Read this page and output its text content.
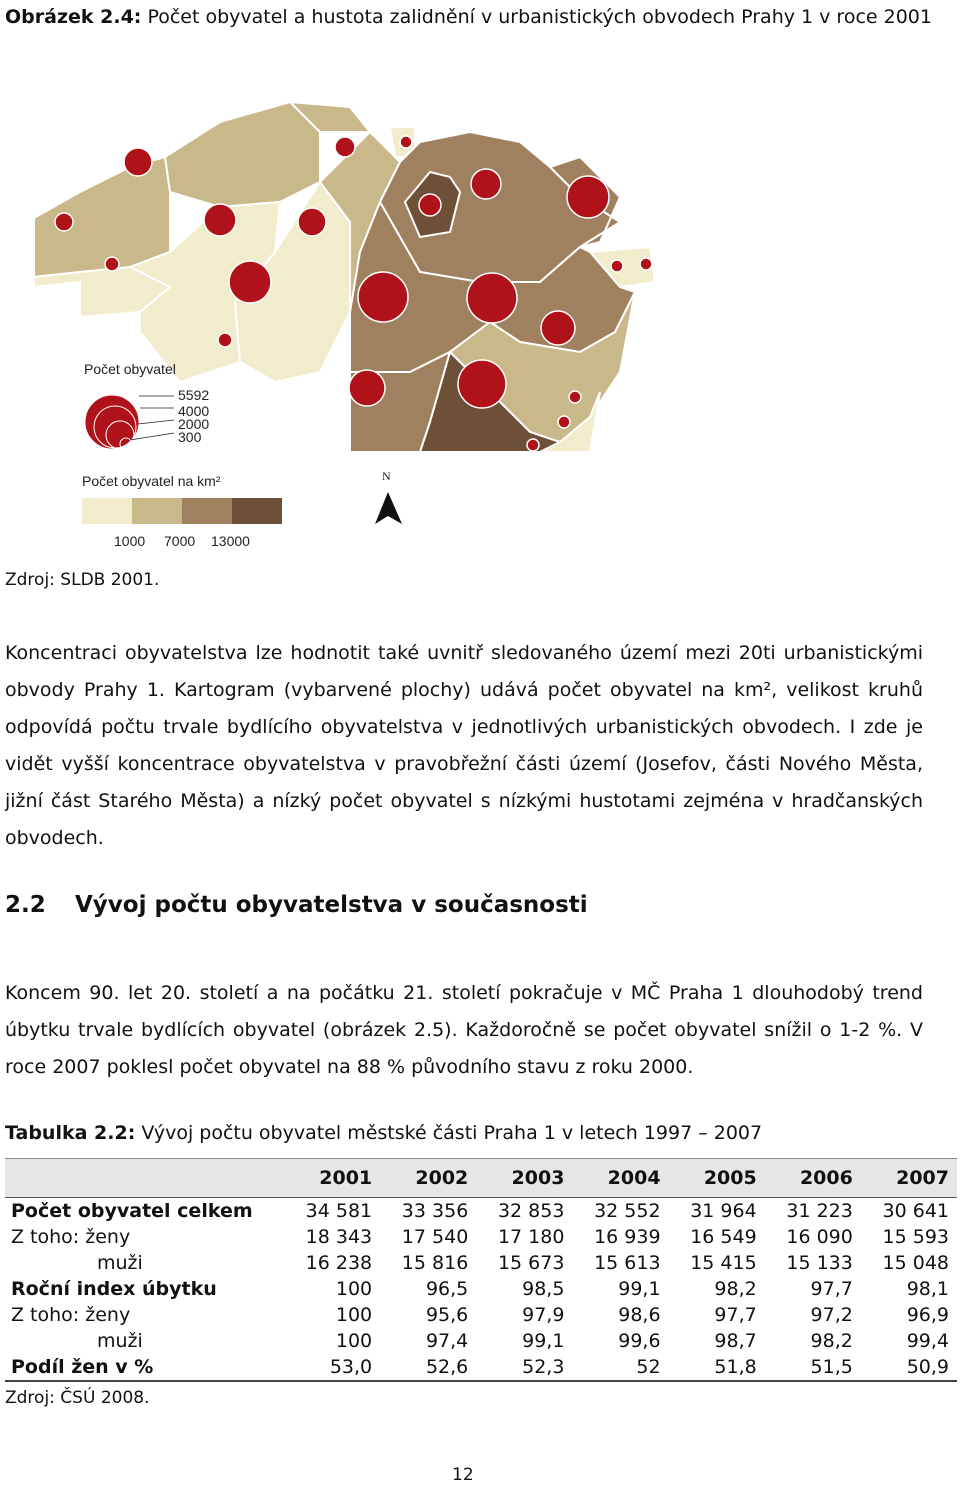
Obrázek 2.4: Počet obyvatel a hustota zalidnění v urbanistických obvodech Prahy 1 v roce 2001
Počet obyvatel
5592
4000
2000
300
Počet obyvatel na km²
1000 7000 13000
N
Zdroj: SLDB 2001.
Koncentraci obyvatelstva lze hodnotit také uvnitř sledovaného území mezi 20ti urbanistickými obvody Prahy 1. Kartogram (vybarvené plochy) udává počet obyvatel na km², velikost kruhů odpovídá počtu trvale bydlícího obyvatelstva v jednotlivých urbanistických obvodech. I zde je vidět vyšší koncentrace obyvatelstva v pravobřežní části území (Josefov, části Nového Města, jižní část Starého Města) a nízký počet obyvatel s nízkými hustotami zejména v hradčanských obvodech.
2.2 Vývoj počtu obyvatelstva v současnosti
Koncem 90. let 20. století a na počátku 21. století pokračuje v MČ Praha 1 dlouhodobý trend úbytku trvale bydlících obyvatel (obrázek 2.5). Každoročně se počet obyvatel snížil o 1-2 %. V roce 2007 poklesl počet obyvatel na 88 % původního stavu z roku 2000.
Tabulka 2.2: Vývoj počtu obyvatel městské části Praha 1 v letech 1997 – 2007
	2001	2002	2003	2004	2005	2006	2007
Počet obyvatel celkem	34 581	33 356	32 853	32 552	31 964	31 223	30 641
Z toho: ženy	18 343	17 540	17 180	16 939	16 549	16 090	15 593
muži	16 238	15 816	15 673	15 613	15 415	15 133	15 048
Roční index úbytku	100	96,5	98,5	99,1	98,2	97,7	98,1
Z toho: ženy	100	95,6	97,9	98,6	97,7	97,2	96,9
muži	100	97,4	99,1	99,6	98,7	98,2	99,4
Podíl žen v %	53,0	52,6	52,3	52	51,8	51,5	50,9
Zdroj: ČSÚ 2008.
12
